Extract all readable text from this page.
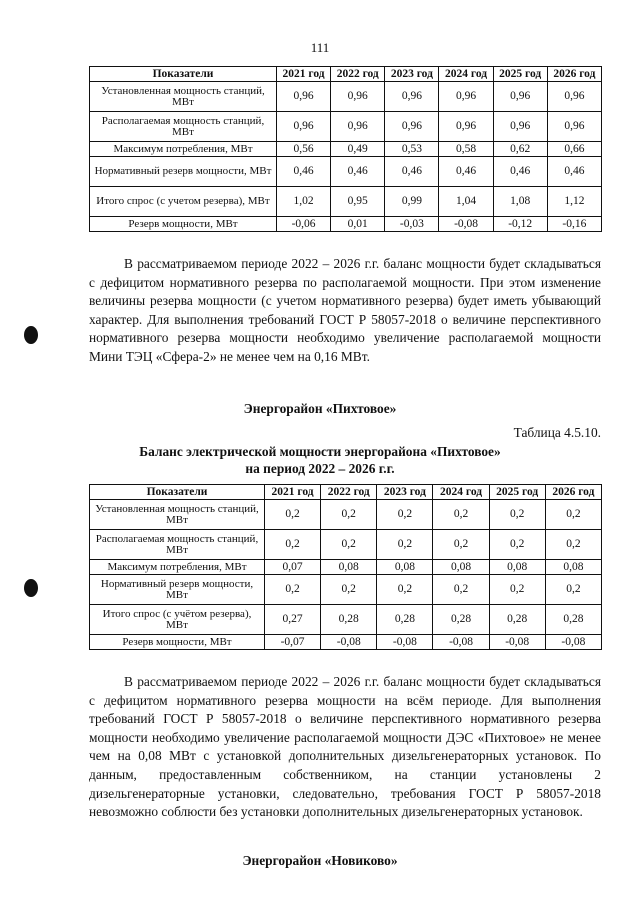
111
Показатели	2021 год	2022 год	2023 год	2024 год	2025 год	2026 год
Установленная мощность станций, МВт	0,96	0,96	0,96	0,96	0,96	0,96
Располагаемая мощность станций, МВт	0,96	0,96	0,96	0,96	0,96	0,96
Максимум потребления, МВт	0,56	0,49	0,53	0,58	0,62	0,66
Нормативный резерв мощности, МВт	0,46	0,46	0,46	0,46	0,46	0,46
Итого спрос (с учетом резерва), МВт	1,02	0,95	0,99	1,04	1,08	1,12
Резерв мощности, МВт	-0,06	0,01	-0,03	-0,08	-0,12	-0,16

В рассматриваемом периоде 2022 – 2026 г.г. баланс мощности будет складываться с дефицитом нормативного резерва по располагаемой мощности. При этом изменение величины резерва мощности (с учетом нормативного резерва) будет иметь убывающий характер. Для выполнения требований ГОСТ Р 58057-2018 о величине перспективного нормативного резерва мощности необходимо увеличение располагаемой мощности Мини ТЭЦ «Сфера-2» не менее чем на 0,16 МВт.

Энергорайон «Пихтовое»
Таблица 4.5.10.
Баланс электрической мощности энергорайона «Пихтовое»
на период 2022 – 2026 г.г.
Показатели	2021 год	2022 год	2023 год	2024 год	2025 год	2026 год
Установленная мощность станций, МВт	0,2	0,2	0,2	0,2	0,2	0,2
Располагаемая мощность станций, МВт	0,2	0,2	0,2	0,2	0,2	0,2
Максимум потребления, МВт	0,07	0,08	0,08	0,08	0,08	0,08
Нормативный резерв мощности, МВт	0,2	0,2	0,2	0,2	0,2	0,2
Итого спрос (с учётом резерва), МВт	0,27	0,28	0,28	0,28	0,28	0,28
Резерв мощности, МВт	-0,07	-0,08	-0,08	-0,08	-0,08	-0,08

В рассматриваемом периоде 2022 – 2026 г.г. баланс мощности будет складываться с дефицитом нормативного резерва мощности на всём периоде. Для выполнения требований ГОСТ Р 58057-2018 о величине перспективного нормативного резерва мощности необходимо увеличение располагаемой мощности ДЭС «Пихтовое» не менее чем на 0,08 МВт с установкой дополнительных дизельгенераторных установок. По данным, предоставленным собственником, на станции установлены 2 дизельгенераторные установки, следовательно, требования ГОСТ Р 58057-2018 невозможно соблюсти без установки дополнительных дизельгенераторных установок.

Энергорайон «Новиково»
